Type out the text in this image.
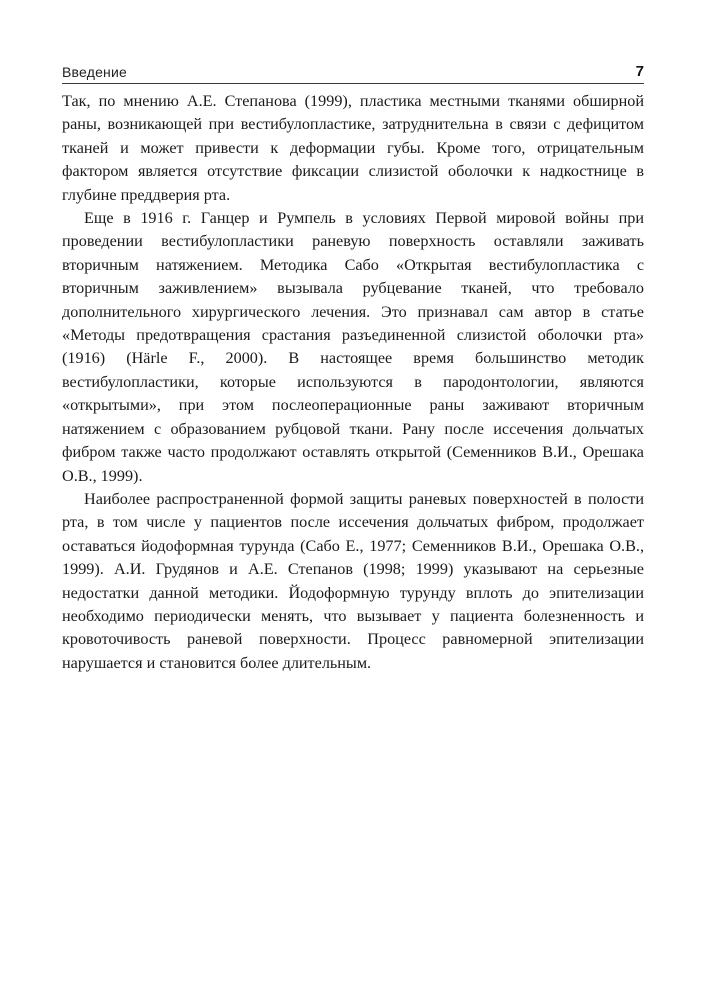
Введение	7

Так, по мнению А.Е. Степанова (1999), пластика местными тканями обширной раны, возникающей при вестибулопластике, затруднительна в связи с дефицитом тканей и может привести к деформации губы. Кроме того, отрицательным фактором является отсутствие фиксации слизистой оболочки к надкостнице в глубине преддверия рта.

Еще в 1916 г. Ганцер и Румпель в условиях Первой мировой войны при проведении вестибулопластики раневую поверхность оставляли заживать вторичным натяжением. Методика Сабо «Открытая вестибулопластика с вторичным заживлением» вызывала рубцевание тканей, что требовало дополнительного хирургического лечения. Это признавал сам автор в статье «Методы предотвращения срастания разъединенной слизистой оболочки рта» (1916) (Härle F., 2000). В настоящее время большинство методик вестибулопластики, которые используются в пародонтологии, являются «открытыми», при этом послеоперационные раны заживают вторичным натяжением с образованием рубцовой ткани. Рану после иссечения дольчатых фибром также часто продолжают оставлять открытой (Семенников В.И., Орешака О.В., 1999).

Наиболее распространенной формой защиты раневых поверхностей в полости рта, в том числе у пациентов после иссечения дольчатых фибром, продолжает оставаться йодоформная турунда (Сабо Е., 1977; Семенников В.И., Орешака О.В., 1999). А.И. Грудянов и А.Е. Степанов (1998; 1999) указывают на серьезные недостатки данной методики. Йодоформную турунду вплоть до эпителизации необходимо периодически менять, что вызывает у пациента болезненность и кровоточивость раневой поверхности. Процесс равномерной эпителизации нарушается и становится более длительным.
